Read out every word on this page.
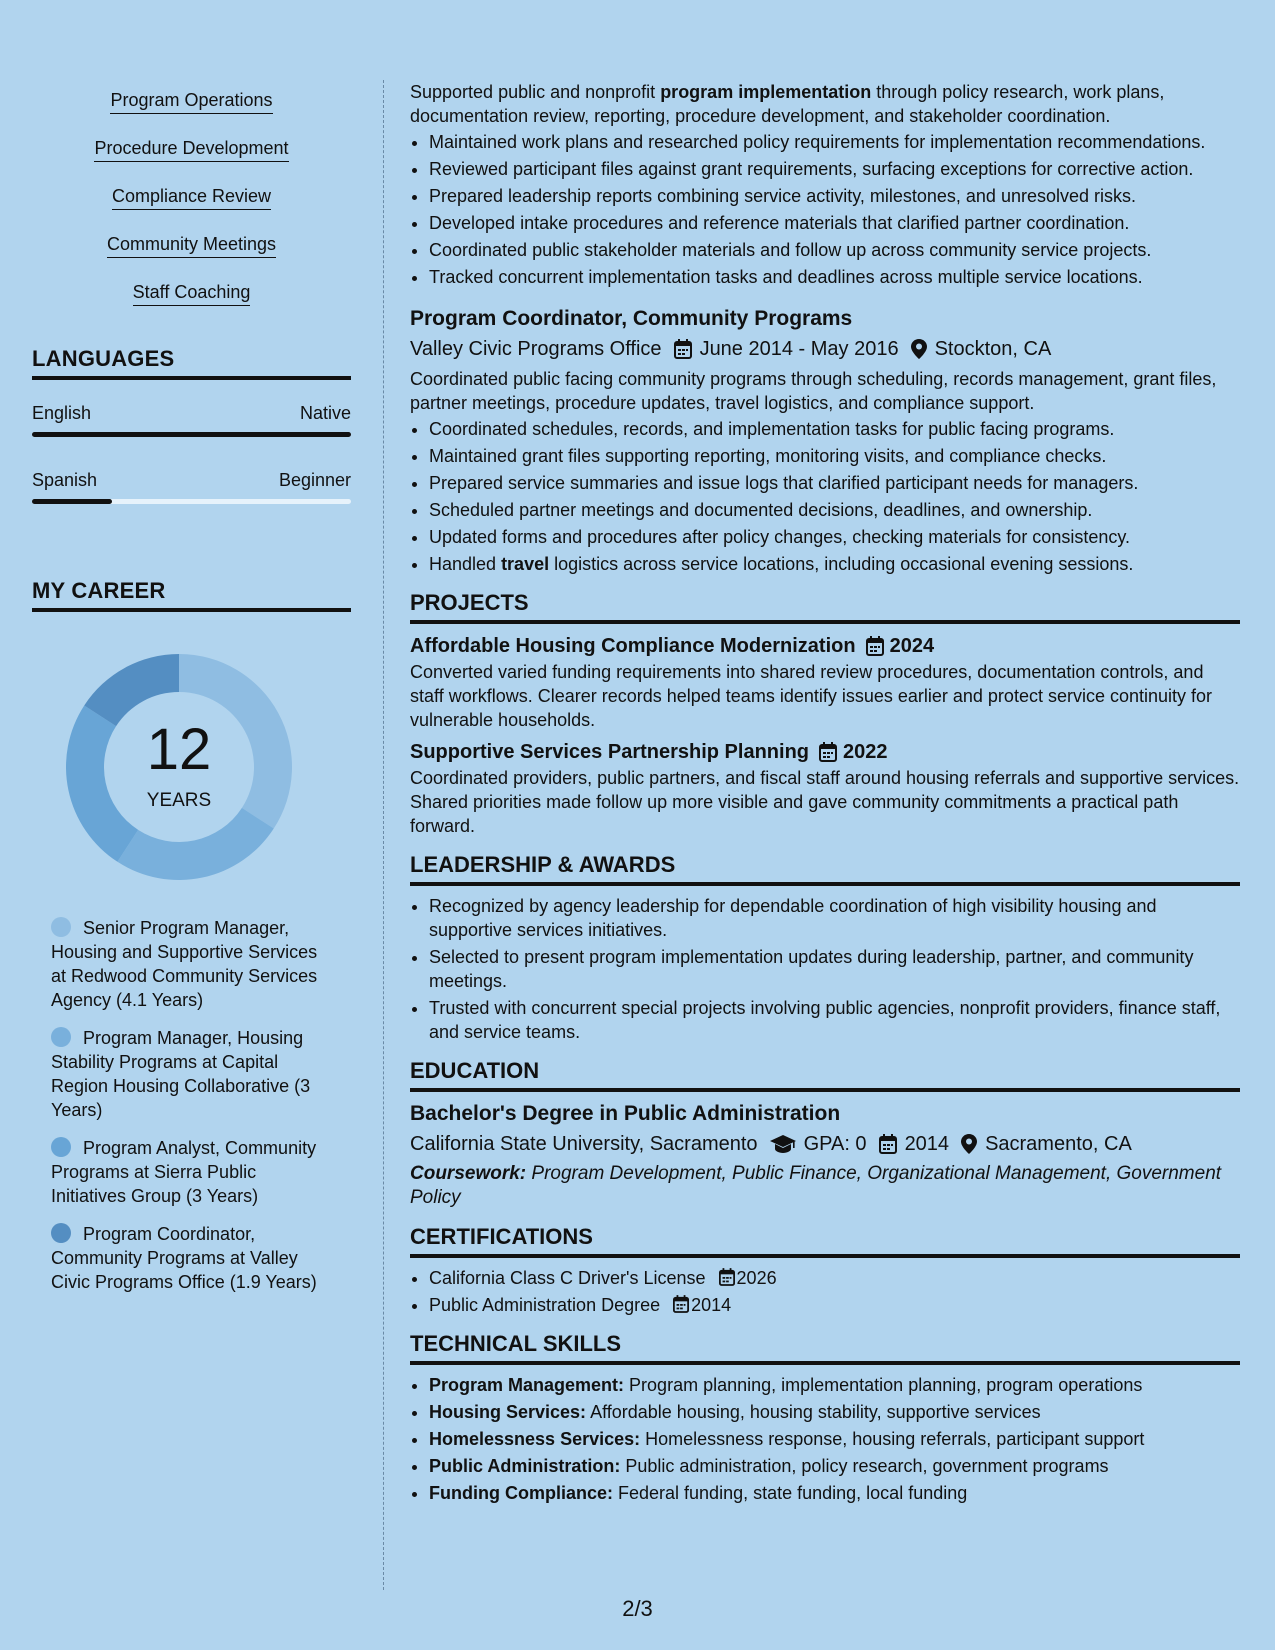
Program Operations
Procedure Development
Compliance Review
Community Meetings
Staff Coaching
LANGUAGES
English	Native
Spanish	Beginner
MY CAREER
12
YEARS
Senior Program Manager, Housing and Supportive Services at Redwood Community Services Agency (4.1 Years)
Program Manager, Housing Stability Programs at Capital Region Housing Collaborative (3 Years)
Program Analyst, Community Programs at Sierra Public Initiatives Group (3 Years)
Program Coordinator, Community Programs at Valley Civic Programs Office (1.9 Years)

Supported public and nonprofit program implementation through policy research, work plans, documentation review, reporting, procedure development, and stakeholder coordination.

• Maintained work plans and researched policy requirements for implementation recommendations.
• Reviewed participant files against grant requirements, surfacing exceptions for corrective action.
• Prepared leadership reports combining service activity, milestones, and unresolved risks.
• Developed intake procedures and reference materials that clarified partner coordination.
• Coordinated public stakeholder materials and follow up across community service projects.
• Tracked concurrent implementation tasks and deadlines across multiple service locations.
Program Coordinator, Community Programs
Valley Civic Programs Office June 2014 - May 2016 Stockton, CA

Coordinated public facing community programs through scheduling, records management, grant files, partner meetings, procedure updates, travel logistics, and compliance support.

• Coordinated schedules, records, and implementation tasks for public facing programs.
• Maintained grant files supporting reporting, monitoring visits, and compliance checks.
• Prepared service summaries and issue logs that clarified participant needs for managers.
• Scheduled partner meetings and documented decisions, deadlines, and ownership.
• Updated forms and procedures after policy changes, checking materials for consistency.
• Handled travel logistics across service locations, including occasional evening sessions.
PROJECTS
Affordable Housing Compliance Modernization 2024

Converted varied funding requirements into shared review procedures, documentation controls, and staff workflows. Clearer records helped teams identify issues earlier and protect service continuity for vulnerable households.

Supportive Services Partnership Planning 2022

Coordinated providers, public partners, and fiscal staff around housing referrals and supportive services. Shared priorities made follow up more visible and gave community commitments a practical path forward.

LEADERSHIP & AWARDS
• Recognized by agency leadership for dependable coordination of high visibility housing and supportive services initiatives.
• Selected to present program implementation updates during leadership, partner, and community meetings.
• Trusted with concurrent special projects involving public agencies, nonprofit providers, finance staff, and service teams.
EDUCATION
Bachelor's Degree in Public Administration
California State University, Sacramento GPA: 0 2014 Sacramento, CA
Coursework: Program Development, Public Finance, Organizational Management, Government Policy
CERTIFICATIONS
• California Class C Driver's License 2026
• Public Administration Degree 2014
TECHNICAL SKILLS
• Program Management: Program planning, implementation planning, program operations
• Housing Services: Affordable housing, housing stability, supportive services
• Homelessness Services: Homelessness response, housing referrals, participant support
• Public Administration: Public administration, policy research, government programs
• Funding Compliance: Federal funding, state funding, local funding
2/3
